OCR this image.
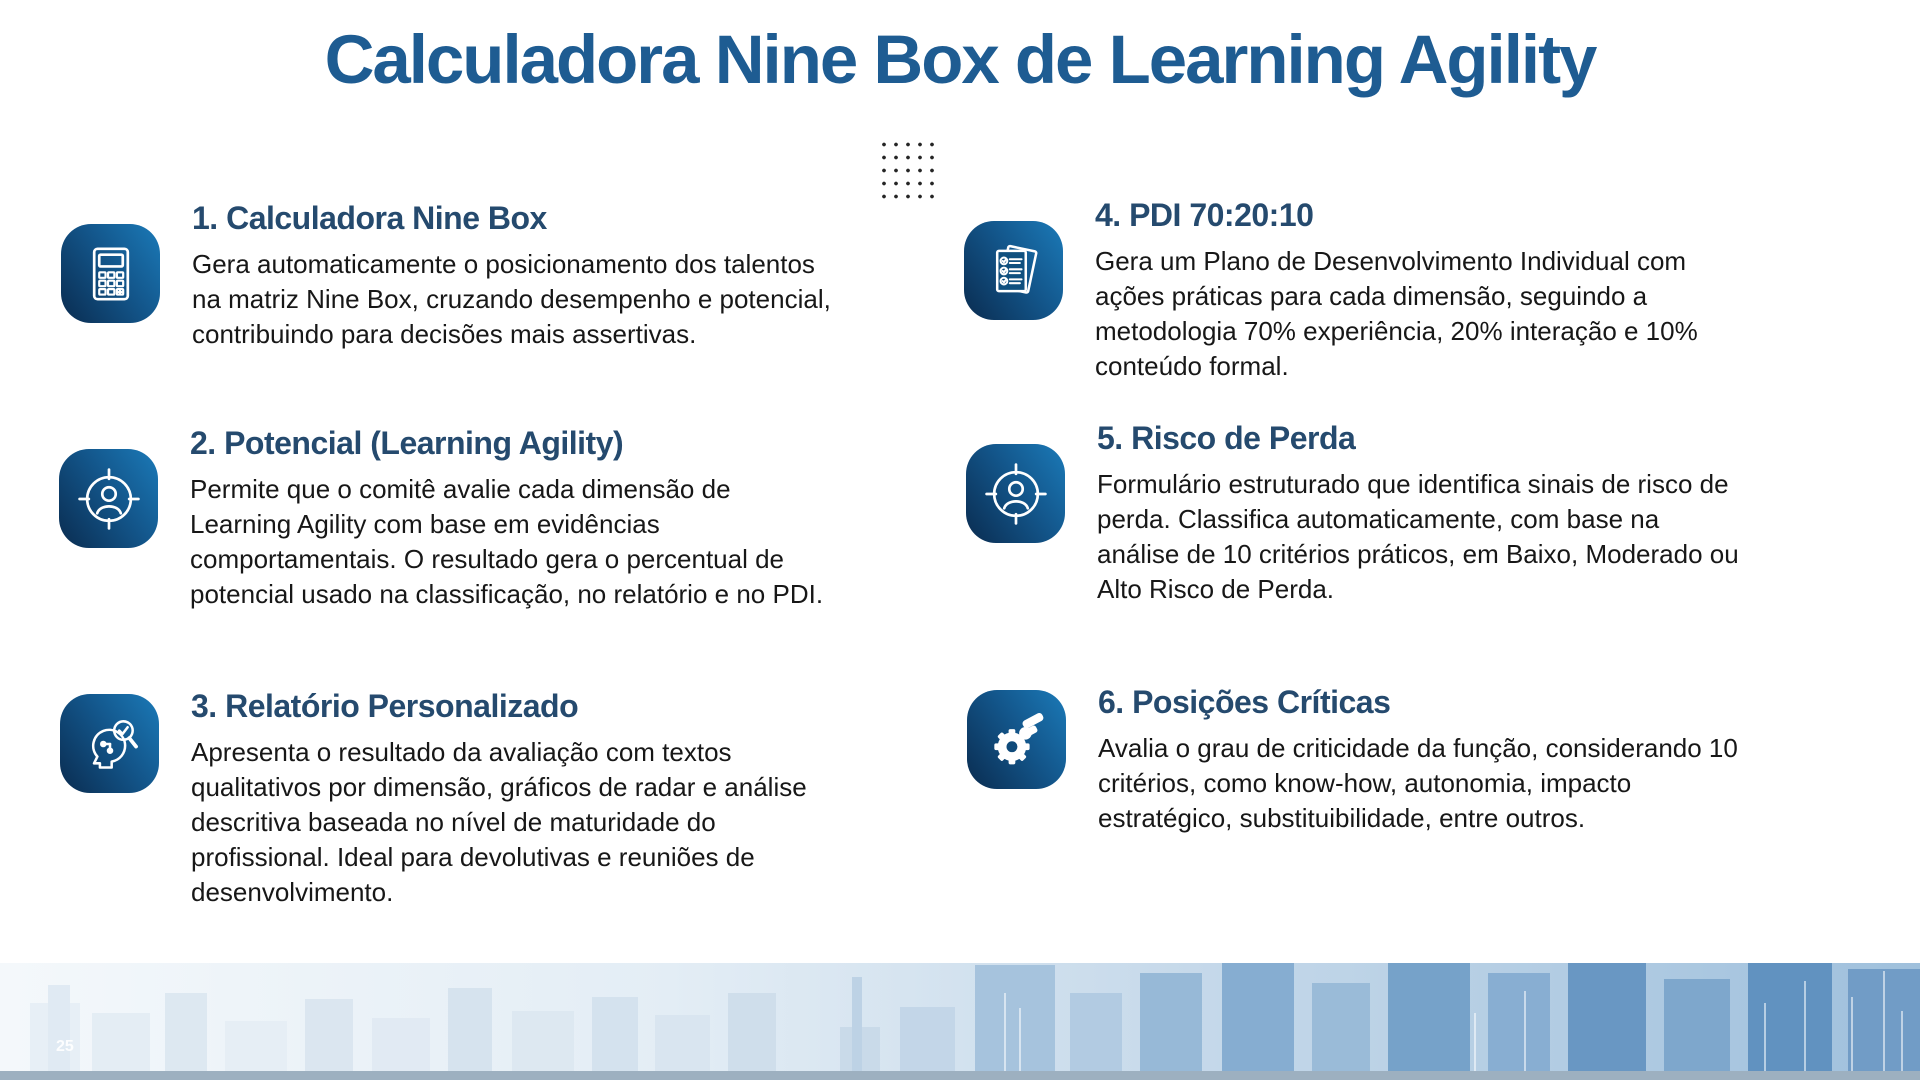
Calculadora Nine Box de Learning Agility
1. Calculadora Nine Box

Gera automaticamente o posicionamento dos talentos na matriz Nine Box, cruzando desempenho e potencial, contribuindo para decisões mais assertivas.

2. Potencial (Learning Agility)

Permite que o comitê avalie cada dimensão de Learning Agility com base em evidências comportamentais. O resultado gera o percentual de potencial usado na classificação, no relatório e no PDI.

3. Relatório Personalizado

Apresenta o resultado da avaliação com textos qualitativos por dimensão, gráficos de radar e análise descritiva baseada no nível de maturidade do profissional. Ideal para devolutivas e reuniões de desenvolvimento.

4. PDI 70:20:10

Gera um Plano de Desenvolvimento Individual com ações práticas para cada dimensão, seguindo a metodologia 70% experiência, 20% interação e 10% conteúdo formal.

5. Risco de Perda

Formulário estruturado que identifica sinais de risco de perda. Classifica automaticamente, com base na análise de 10 critérios práticos, em Baixo, Moderado ou Alto Risco de Perda.

6. Posições Críticas

Avalia o grau de criticidade da função, considerando 10 critérios, como know-how, autonomia, impacto estratégico, substituibilidade, entre outros.

25
